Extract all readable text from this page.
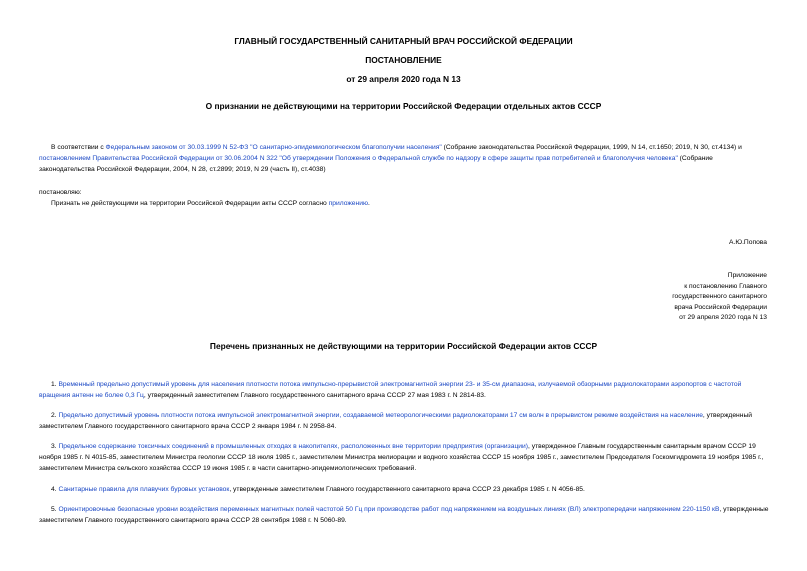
ГЛАВНЫЙ ГОСУДАРСТВЕННЫЙ САНИТАРНЫЙ ВРАЧ РОССИЙСКОЙ ФЕДЕРАЦИИ
ПОСТАНОВЛЕНИЕ
от 29 апреля 2020 года N 13
О признании не действующими на территории Российской Федерации отдельных актов СССР
В соответствии с Федеральным законом от 30.03.1999 N 52-ФЗ "О санитарно-эпидемиологическом благополучии населения" (Собрание законодательства Российской Федерации, 1999, N 14, ст.1650; 2019, N 30, ст.4134) и постановлением Правительства Российской Федерации от 30.06.2004 N 322 "Об утверждении Положения о Федеральной службе по надзору в сфере защиты прав потребителей и благополучия человека" (Собрание законодательства Российской Федерации, 2004, N 28, ст.2899; 2019, N 29 (часть II), ст.4038)
постановляю:
Признать не действующими на территории Российской Федерации акты СССР согласно приложению.
А.Ю.Попова
Приложение
к постановлению Главного
государственного санитарного
врача Российской Федерации
от 29 апреля 2020 года N 13
Перечень признанных не действующими на территории Российской Федерации актов СССР
1. Временный предельно допустимый уровень для населения плотности потока импульсно-прерывистой электромагнитной энергии 23- и 35-см диапазона, излучаемой обзорными радиолокаторами аэропортов с частотой вращения антенн не более 0,3 Гц, утвержденный заместителем Главного государственного санитарного врача СССР 27 мая 1983 г. N 2814-83.
2. Предельно допустимый уровень плотности потока импульсной электромагнитной энергии, создаваемой метеорологическими радиолокаторами 17 см волн в прерывистом режиме воздействия на население, утвержденный заместителем Главного государственного санитарного врача СССР 2 января 1984 г. N 2958-84.
3. Предельное содержание токсичных соединений в промышленных отходах в накопителях, расположенных вне территории предприятия (организации), утвержденное Главным государственным санитарным врачом СССР 19 ноября 1985 г. N 4015-85, заместителем Министра геологии СССР 18 июля 1985 г., заместителем Министра мелиорации и водного хозяйства СССР 15 ноября 1985 г., заместителем Председателя Госкомгидромета 19 ноября 1985 г., заместителем Министра сельского хозяйства СССР 19 июня 1985 г. в части санитарно-эпидемиологических требований.
4. Санитарные правила для плавучих буровых установок, утвержденные заместителем Главного государственного санитарного врача СССР 23 декабря 1985 г. N 4056-85.
5. Ориентировочные безопасные уровни воздействия переменных магнитных полей частотой 50 Гц при производстве работ под напряжением на воздушных линиях (ВЛ) электропередачи напряжением 220-1150 кВ, утвержденные заместителем Главного государственного санитарного врача СССР 28 сентября 1988 г. N 5060-89.
